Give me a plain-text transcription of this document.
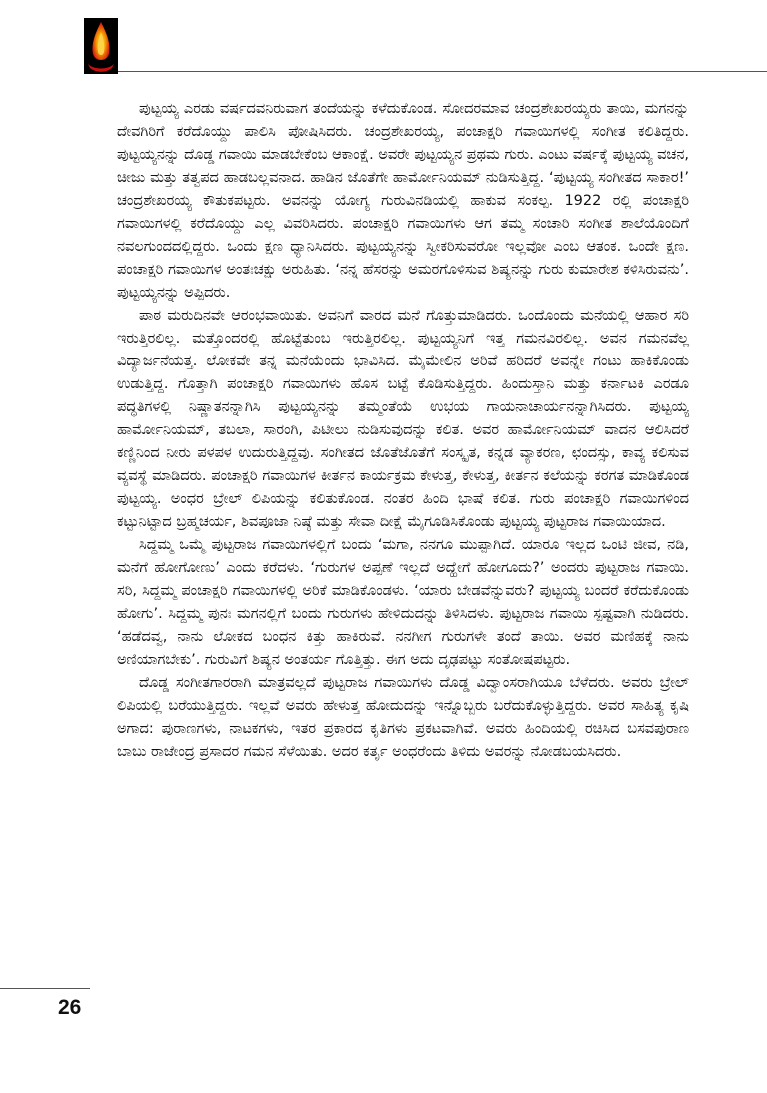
ಪುಟ್ಟಯ್ಯ ಎರಡು ವರ್ಷದವನಿರುವಾಗ ತಂದೆಯನ್ನು ಕಳೆದುಕೊಂಡ. ಸೋದರಮಾವ ಚಂದ್ರಶೇಖರಯ್ಯರು ತಾಯಿ, ಮಗನನ್ನು ದೇವಗಿರಿಗೆ ಕರೆದೊಯ್ದು ಪಾಲಿಸಿ ಪೋಷಿಸಿದರು. ಚಂದ್ರಶೇಖರಯ್ಯ, ಪಂಚಾಕ್ಷರಿ ಗವಾಯಿಗಳಲ್ಲಿ ಸಂಗೀತ ಕಲಿತಿದ್ದರು. ಪುಟ್ಟಯ್ಯನನ್ನು ದೊಡ್ಡ ಗವಾಯಿ ಮಾಡಬೇಕೆಂಬ ಆಕಾಂಕ್ಷೆ. ಅವರೇ ಪುಟ್ಟಯ್ಯನ ಪ್ರಥಮ ಗುರು. ಎಂಟು ವರ್ಷಕ್ಕೆ ಪುಟ್ಟಯ್ಯ ವಚನ, ಚೀಜು ಮತ್ತು ತತ್ವಪದ ಹಾಡಬಲ್ಲವನಾದ. ಹಾಡಿನ ಜೊತೆಗೇ ಹಾರ್ಮೋನಿಯಮ್ ನುಡಿಸುತ್ತಿದ್ದ. ‘ಪುಟ್ಟಯ್ಯ ಸಂಗೀತದ ಸಾಕಾರ!’ ಚಂದ್ರಶೇಖರಯ್ಯ ಕೌತುಕಪಟ್ಟರು. ಅವನನ್ನು ಯೋಗ್ಯ ಗುರುವಿನಡಿಯಲ್ಲಿ ಹಾಕುವ ಸಂಕಲ್ಪ. 1922 ರಲ್ಲಿ ಪಂಚಾಕ್ಷರಿ ಗವಾಯಿಗಳಲ್ಲಿ ಕರೆದೊಯ್ದು ಎಲ್ಲ ವಿವರಿಸಿದರು. ಪಂಚಾಕ್ಷರಿ ಗವಾಯಿಗಳು ಆಗ ತಮ್ಮ ಸಂಚಾರಿ ಸಂಗೀತ ಶಾಲೆಯೊಂದಿಗೆ ನವಲಗುಂದದಲ್ಲಿದ್ದರು. ಒಂದು ಕ್ಷಣ ಧ್ಯಾನಿಸಿದರು. ಪುಟ್ಟಯ್ಯನನ್ನು ಸ್ವೀಕರಿಸುವರೋ ಇಲ್ಲವೋ ಎಂಬ ಆತಂಕ. ಒಂದೇ ಕ್ಷಣ. ಪಂಚಾಕ್ಷರಿ ಗವಾಯಿಗಳ ಅಂತಃಚಕ್ಷು ಅರುಹಿತು. ‘ನನ್ನ ಹೆಸರನ್ನು ಅಮರಗೊಳಿಸುವ ಶಿಷ್ಯನನ್ನು ಗುರು ಕುಮಾರೇಶ ಕಳಿಸಿರುವನು’. ಪುಟ್ಟಯ್ಯನನ್ನು ಅಪ್ಪಿದರು.

ಪಾಠ ಮರುದಿನವೇ ಆರಂಭವಾಯಿತು. ಅವನಿಗೆ ವಾರದ ಮನೆ ಗೊತ್ತುಮಾಡಿದರು. ಒಂದೊಂದು ಮನೆಯಲ್ಲಿ ಆಹಾರ ಸರಿ ಇರುತ್ತಿರಲಿಲ್ಲ. ಮತ್ತೊಂದರಲ್ಲಿ ಹೊಟ್ಟೆತುಂಬ ಇರುತ್ತಿರಲಿಲ್ಲ. ಪುಟ್ಟಯ್ಯನಿಗೆ ಇತ್ತ ಗಮನವಿರಲಿಲ್ಲ. ಅವನ ಗಮನವೆಲ್ಲ ವಿದ್ಯಾರ್ಜನೆಯತ್ತ. ಲೋಕವೇ ತನ್ನ ಮನೆಯೆಂದು ಭಾವಿಸಿದ. ಮೈಮೇಲಿನ ಅರಿವೆ ಹರಿದರೆ ಅವನ್ನೇ ಗಂಟು ಹಾಕಿಕೊಂಡು ಉಡುತ್ತಿದ್ದ. ಗೊತ್ತಾಗಿ ಪಂಚಾಕ್ಷರಿ ಗವಾಯಿಗಳು ಹೊಸ ಬಟ್ಟೆ ಕೊಡಿಸುತ್ತಿದ್ದರು. ಹಿಂದುಸ್ತಾನಿ ಮತ್ತು ಕರ್ನಾಟಕಿ ಎರಡೂ ಪದ್ಧತಿಗಳಲ್ಲಿ ನಿಷ್ಣಾತನನ್ನಾಗಿಸಿ ಪುಟ್ಟಯ್ಯನನ್ನು ತಮ್ಮಂತೆಯೆ ಉಭಯ ಗಾಯನಾಚಾರ್ಯನನ್ನಾಗಿಸಿದರು. ಪುಟ್ಟಯ್ಯ ಹಾರ್ಮೋನಿಯಮ್, ತಬಲಾ, ಸಾರಂಗಿ, ಪಿಟೀಲು ನುಡಿಸುವುದನ್ನು ಕಲಿತ. ಅವರ ಹಾರ್ಮೋನಿಯಮ್ ವಾದನ ಆಲಿಸಿದರೆ ಕಣ್ಣಿನಿಂದ ನೀರು ಪಳಪಳ ಉದುರುತ್ತಿದ್ದವು. ಸಂಗೀತದ ಜೊತೆಜೊತೆಗೆ ಸಂಸ್ಕೃತ, ಕನ್ನಡ ವ್ಯಾಕರಣ, ಛಂದಸ್ಸು, ಕಾವ್ಯ ಕಲಿಸುವ ವ್ಯವಸ್ಥೆ ಮಾಡಿದರು. ಪಂಚಾಕ್ಷರಿ ಗವಾಯಿಗಳ ಕೀರ್ತನ ಕಾರ್ಯಕ್ರಮ ಕೇಳುತ್ತ, ಕೇಳುತ್ತ, ಕೀರ್ತನ ಕಲೆಯನ್ನು ಕರಗತ ಮಾಡಿಕೊಂಡ ಪುಟ್ಟಯ್ಯ. ಅಂಧರ ಬ್ರೇಲ್ ಲಿಪಿಯನ್ನು ಕಲಿತುಕೊಂಡ. ನಂತರ ಹಿಂದಿ ಭಾಷೆ ಕಲಿತ. ಗುರು ಪಂಚಾಕ್ಷರಿ ಗವಾಯಿಗಳಿಂದ ಕಟ್ಟುನಿಟ್ಟಾದ ಬ್ರಹ್ಮಚರ್ಯ, ಶಿವಪೂಜಾ ನಿಷ್ಠೆ ಮತ್ತು ಸೇವಾ ದೀಕ್ಷೆ ಮೈಗೂಡಿಸಿಕೊಂಡು ಪುಟ್ಟಯ್ಯ ಪುಟ್ಟರಾಜ ಗವಾಯಿಯಾದ.

ಸಿದ್ದಮ್ಮ ಒಮ್ಮೆ ಪುಟ್ಟರಾಜ ಗವಾಯಿಗಳಲ್ಲಿಗೆ ಬಂದು ‘ಮಗಾ, ನನಗೂ ಮುಪ್ಪಾಗಿದೆ. ಯಾರೂ ಇಲ್ಲದ ಒಂಟಿ ಜೀವ, ನಡಿ, ಮನೆಗೆ ಹೋಗೋಣು’ ಎಂದು ಕರೆದಳು. ‘ಗುರುಗಳ ಅಪ್ಪಣೆ ಇಲ್ಲದೆ ಅದ್ಹೇಗೆ ಹೋಗೂದು?’ ಅಂದರು ಪುಟ್ಟರಾಜ ಗವಾಯಿ. ಸರಿ, ಸಿದ್ದಮ್ಮ ಪಂಚಾಕ್ಷರಿ ಗವಾಯಿಗಳಲ್ಲಿ ಅರಿಕೆ ಮಾಡಿಕೊಂಡಳು. ‘ಯಾರು ಬೇಡವೆನ್ನುವರು? ಪುಟ್ಟಯ್ಯ ಬಂದರೆ ಕರೆದುಕೊಂಡು ಹೋಗು’. ಸಿದ್ದಮ್ಮ ಪುನಃ ಮಗನಲ್ಲಿಗೆ ಬಂದು ಗುರುಗಳು ಹೇಳಿದುದನ್ನು ತಿಳಿಸಿದಳು. ಪುಟ್ಟರಾಜ ಗವಾಯಿ ಸ್ಪಷ್ಟವಾಗಿ ನುಡಿದರು. ‘ಹಡೆದವ್ವ, ನಾನು ಲೋಕದ ಬಂಧನ ಕಿತ್ತು ಹಾಕಿರುವೆ. ನನಗೀಗ ಗುರುಗಳೇ ತಂದೆ ತಾಯಿ. ಅವರ ಮಣಿಹಕ್ಕೆ ನಾನು ಅಣಿಯಾಗಬೇಕು’. ಗುರುವಿಗೆ ಶಿಷ್ಯನ ಅಂತರ್ಯ ಗೊತ್ತಿತ್ತು. ಈಗ ಅದು ದೃಢಪಟ್ಟು ಸಂತೋಷಪಟ್ಟರು.

ದೊಡ್ಡ ಸಂಗೀತಗಾರರಾಗಿ ಮಾತ್ರವಲ್ಲದೆ ಪುಟ್ಟರಾಜ ಗವಾಯಿಗಳು ದೊಡ್ಡ ವಿದ್ವಾಂಸರಾಗಿಯೂ ಬೆಳೆದರು. ಅವರು ಬ್ರೇಲ್ ಲಿಪಿಯಲ್ಲಿ ಬರೆಯುತ್ತಿದ್ದರು. ಇಲ್ಲವೆ ಅವರು ಹೇಳುತ್ತ ಹೋದುದನ್ನು ಇನ್ನೊಬ್ಬರು ಬರೆದುಕೊಳ್ಳುತ್ತಿದ್ದರು. ಅವರ ಸಾಹಿತ್ಯ ಕೃಷಿ ಅಗಾದ: ಪುರಾಣಗಳು, ನಾಟಕಗಳು, ಇತರ ಪ್ರಕಾರದ ಕೃತಿಗಳು ಪ್ರಕಟವಾಗಿವೆ. ಅವರು ಹಿಂದಿಯಲ್ಲಿ ರಚಿಸಿದ ಬಸವಪುರಾಣ ಬಾಬು ರಾಜೇಂದ್ರ ಪ್ರಸಾದರ ಗಮನ ಸೆಳೆಯಿತು. ಅದರ ಕರ್ತೃ ಅಂಧರೆಂದು ತಿಳಿದು ಅವರನ್ನು ನೋಡಬಯಸಿದರು.

26
